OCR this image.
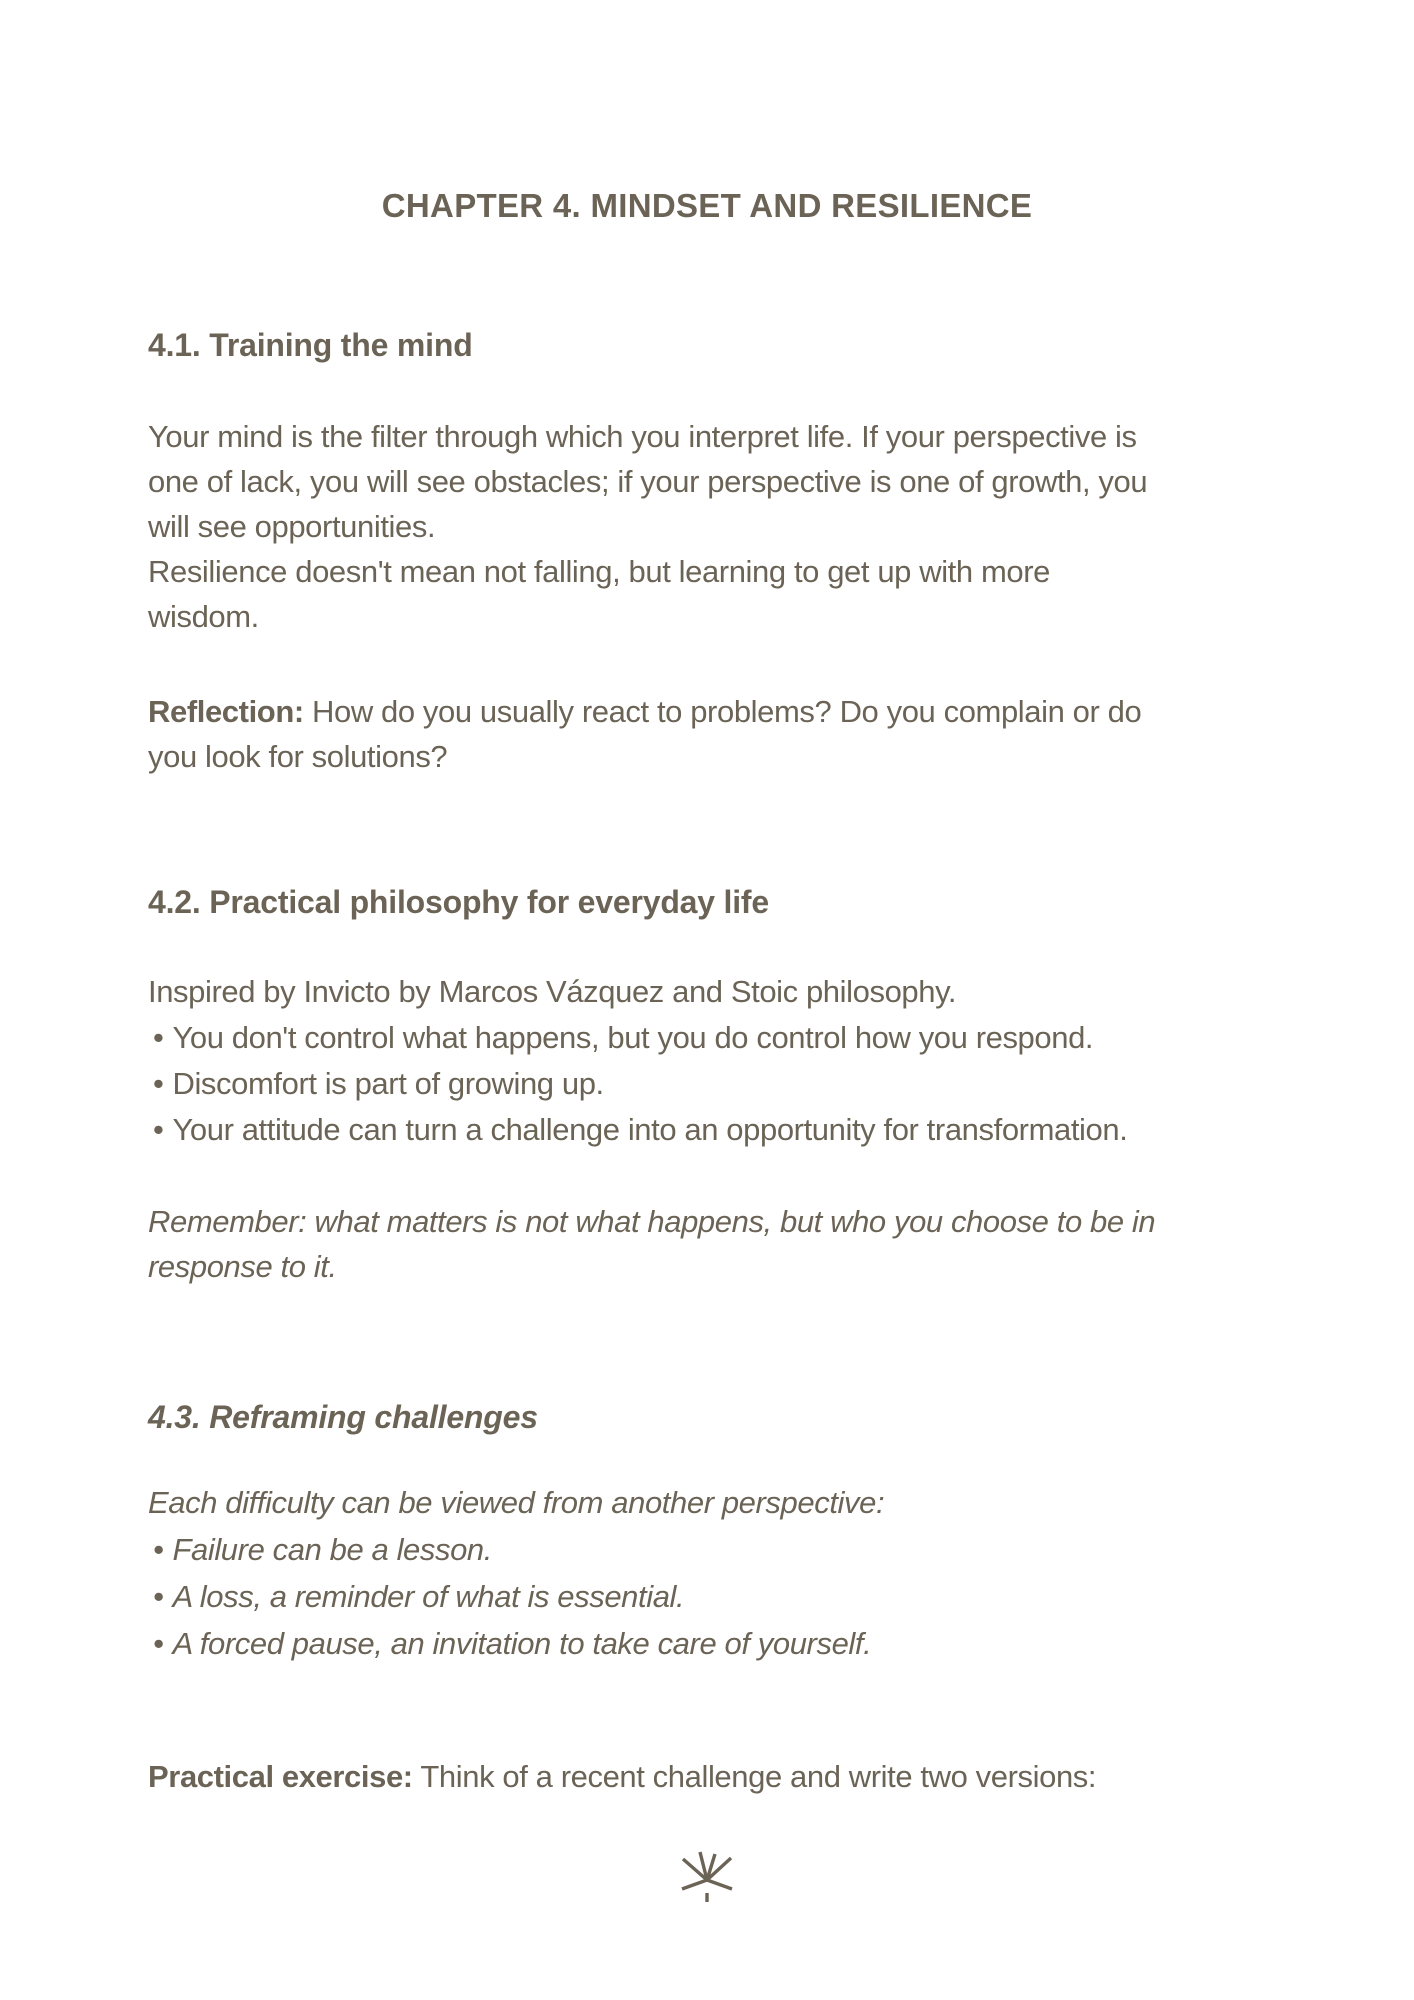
CHAPTER 4. MINDSET AND RESILIENCE
4.1. Training the mind
Your mind is the filter through which you interpret life. If your perspective is
one of lack, you will see obstacles; if your perspective is one of growth, you
will see opportunities.
Resilience doesn't mean not falling, but learning to get up with more
wisdom.
Reflection: How do you usually react to problems? Do you complain or do
you look for solutions?
4.2. Practical philosophy for everyday life
Inspired by Invicto by Marcos Vázquez and Stoic philosophy.
• You don't control what happens, but you do control how you respond.
• Discomfort is part of growing up.
• Your attitude can turn a challenge into an opportunity for transformation.
Remember: what matters is not what happens, but who you choose to be in
response to it.
4.3. Reframing challenges
Each difficulty can be viewed from another perspective:
• Failure can be a lesson.
• A loss, a reminder of what is essential.
• A forced pause, an invitation to take care of yourself.
Practical exercise: Think of a recent challenge and write two versions:
